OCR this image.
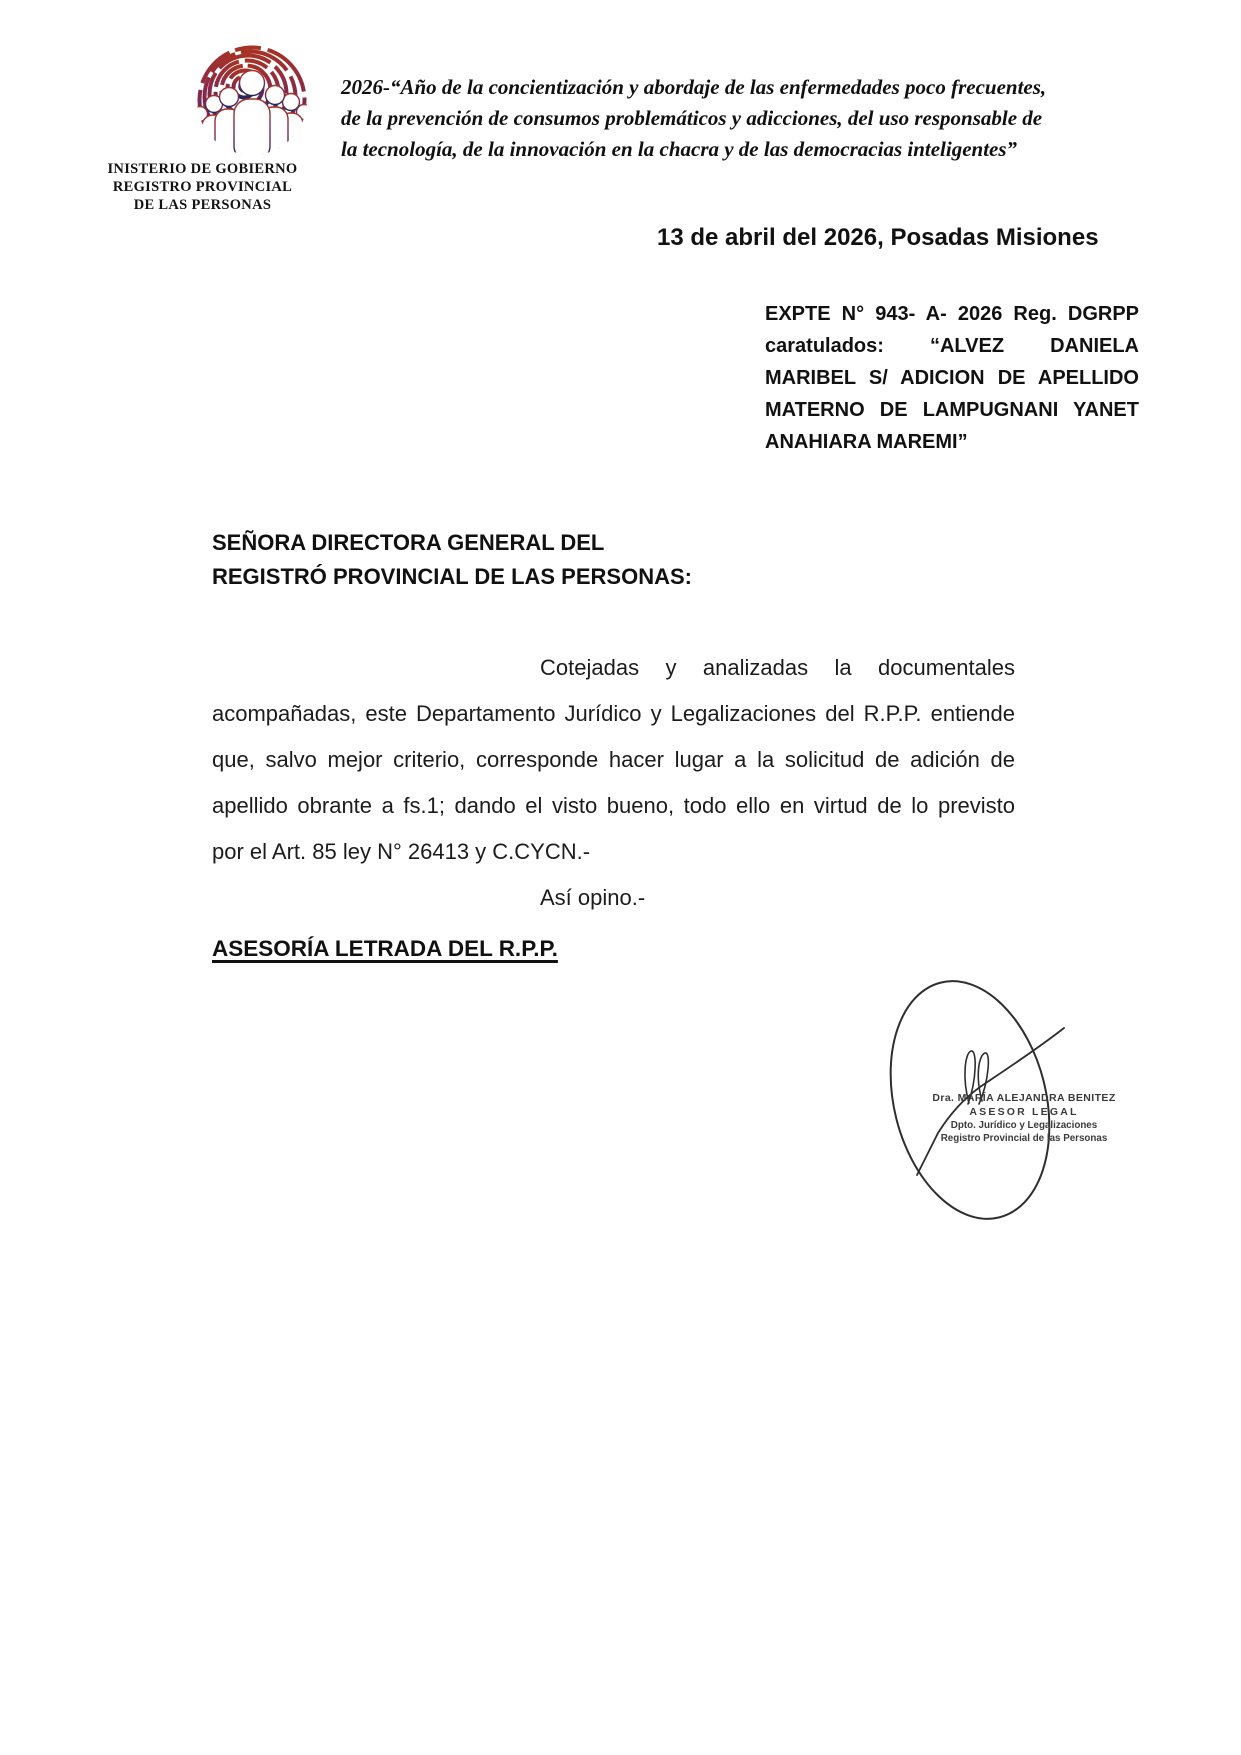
INISTERIO DE GOBIERNO
REGISTRO PROVINCIAL
DE LAS PERSONAS
2026-“Año de la concientización y abordaje de las enfermedades poco frecuentes,
de la prevención de consumos problemáticos y adicciones, del uso responsable de
la tecnología, de la innovación en la chacra y de las democracias inteligentes”
13 de abril del 2026, Posadas Misiones
EXPTE N° 943- A- 2026 Reg. DGRPP
caratulados: “ALVEZ DANIELA
MARIBEL S/ ADICION DE APELLIDO
MATERNO DE LAMPUGNANI YANET
ANAHIARA MAREMI”
SEÑORA DIRECTORA GENERAL DEL
REGISTRÓ PROVINCIAL DE LAS PERSONAS:
Cotejadas y analizadas la documentales
acompañadas, este Departamento Jurídico y Legalizaciones del R.P.P. entiende
que, salvo mejor criterio, corresponde hacer lugar a la solicitud de adición de
apellido obrante a fs.1; dando el visto bueno, todo ello en virtud de lo previsto
por el Art. 85 ley N° 26413 y C.CYCN.-
Así opino.-
ASESORÍA LETRADA DEL R.P.P.
Dra. MARÍA ALEJANDRA BENITEZ
ASESOR LEGAL
Dpto. Jurídico y Legalizaciones
Registro Provincial de las Personas
